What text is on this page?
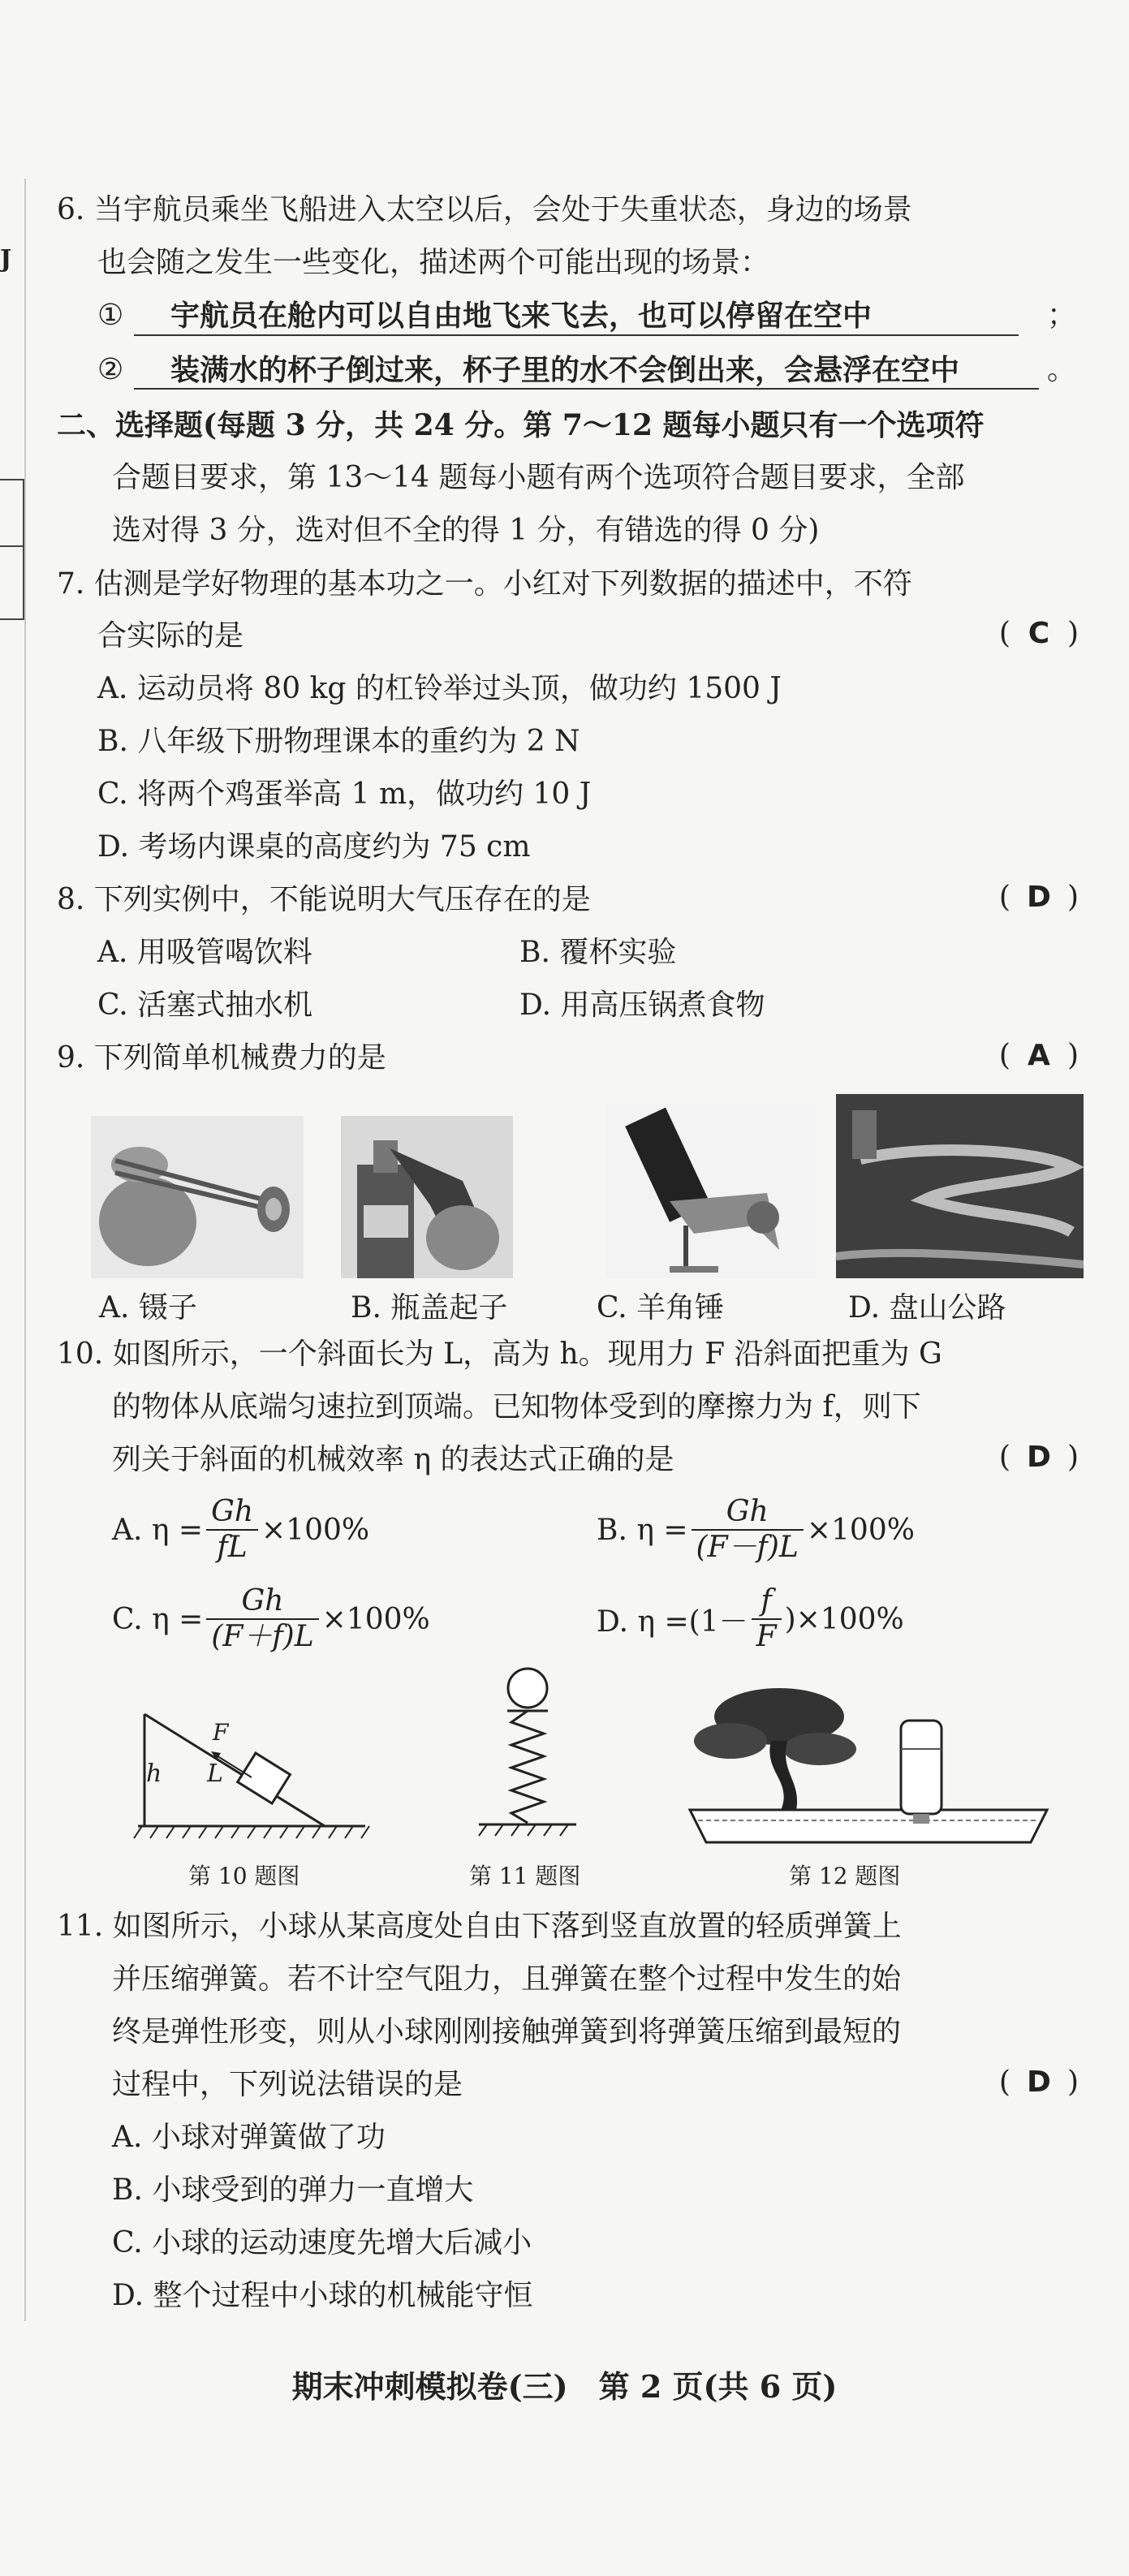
J
6. 当宇航员乘坐飞船进入太空以后，会处于失重状态，身边的场景
也会随之发生一些变化，描述两个可能出现的场景：
① 宇航员在舱内可以自由地飞来飞去，也可以停留在空中	；
② 装满水的杯子倒过来，杯子里的水不会倒出来，会悬浮在空中	。
二、选择题(每题 3 分，共 24 分。第 7～12 题每小题只有一个选项符
合题目要求，第 13～14 题每小题有两个选项符合题目要求，全部
选对得 3 分，选对但不全的得 1 分，有错选的得 0 分)
7. 估测是学好物理的基本功之一。小红对下列数据的描述中，不符
合实际的是	( C )
A. 运动员将 80 kg 的杠铃举过头顶，做功约 1500 J
B. 八年级下册物理课本的重约为 2 N
C. 将两个鸡蛋举高 1 m，做功约 10 J
D. 考场内课桌的高度约为 75 cm
8. 下列实例中，不能说明大气压存在的是	( D )
A. 用吸管喝饮料	B. 覆杯实验
C. 活塞式抽水机	D. 用高压锅煮食物
9. 下列简单机械费力的是	( A )
A. 镊子	B. 瓶盖起子	C. 羊角锤	D. 盘山公路
10. 如图所示，一个斜面长为 L，高为 h。现用力 F 沿斜面把重为 G
的物体从底端匀速拉到顶端。已知物体受到的摩擦力为 f，则下
列关于斜面的机械效率 η 的表达式正确的是	( D )
A. $\eta = \frac{Gh}{fL} \times 100\%$	B. $\eta = \frac{Gh}{(F-f)L} \times 100\%$
C. $\eta = \frac{Gh}{(F+f)L} \times 100\%$	D. $\eta =(1- \frac{f}{F} )\times 100\%$
h L
F
第 10 题图	第 11 题图	第 12 题图
11. 如图所示，小球从某高度处自由下落到竖直放置的轻质弹簧上
并压缩弹簧。若不计空气阻力，且弹簧在整个过程中发生的始
终是弹性形变，则从小球刚刚接触弹簧到将弹簧压缩到最短的
过程中，下列说法错误的是	( D )
A. 小球对弹簧做了功
B. 小球受到的弹力一直增大
C. 小球的运动速度先增大后减小
D. 整个过程中小球的机械能守恒
期末冲刺模拟卷(三)　第 2 页(共 6 页)
